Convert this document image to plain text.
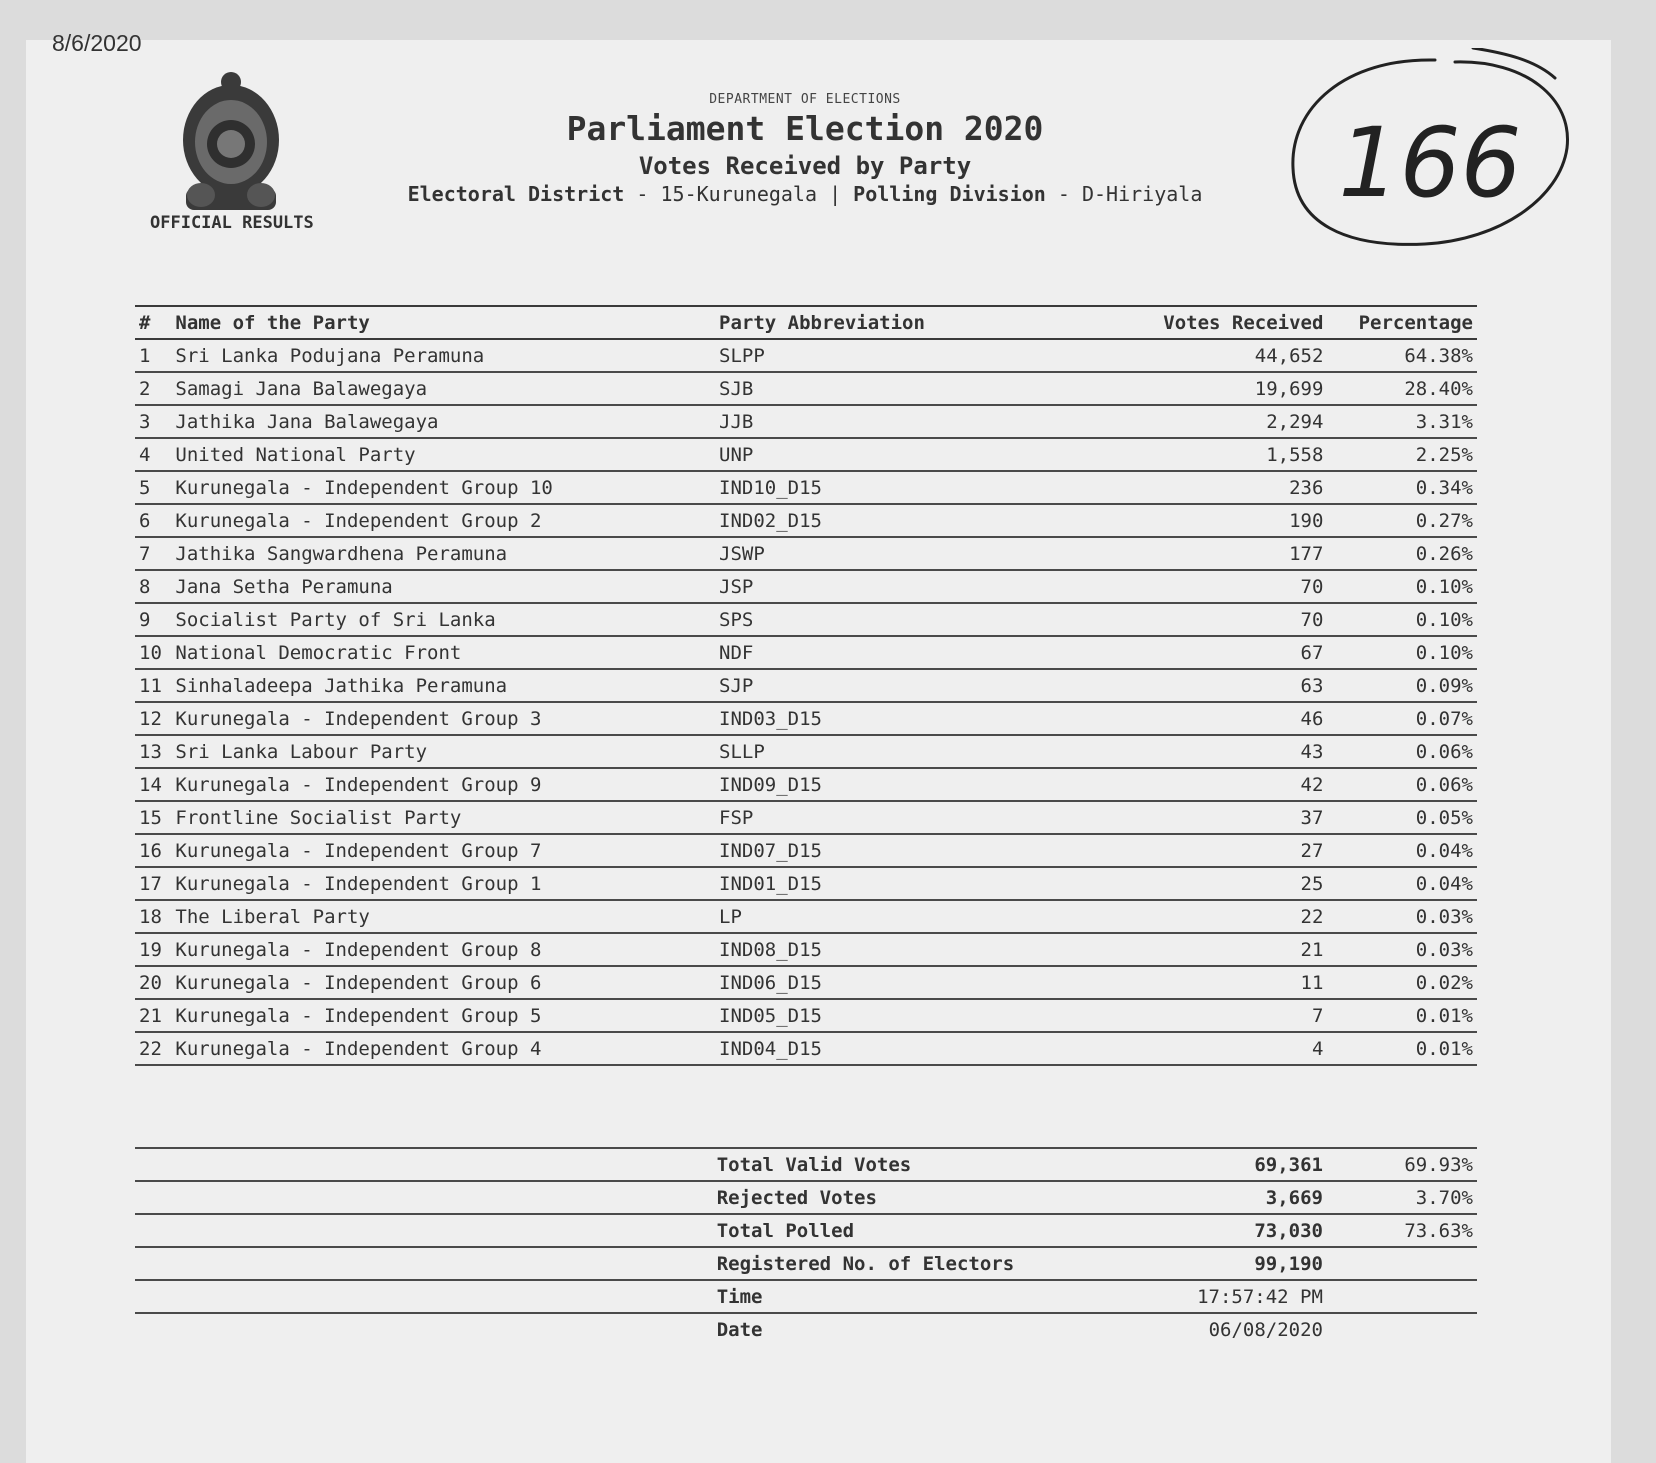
8/6/2020
OFFICIAL RESULTS
DEPARTMENT OF ELECTIONS
Parliament Election 2020
Votes Received by Party
Electoral District - 15-Kurunegala | Polling Division - D-Hiriyala 166
#	Name of the Party	Party Abbreviation	Votes Received	Percentage
1	Sri Lanka Podujana Peramuna	SLPP	44,652	64.38%
2	Samagi Jana Balawegaya	SJB	19,699	28.40%
3	Jathika Jana Balawegaya	JJB	2,294	3.31%
4	United National Party	UNP	1,558	2.25%
5	Kurunegala - Independent Group 10	IND10_D15	236	0.34%
6	Kurunegala - Independent Group 2	IND02_D15	190	0.27%
7	Jathika Sangwardhena Peramuna	JSWP	177	0.26%
8	Jana Setha Peramuna	JSP	70	0.10%
9	Socialist Party of Sri Lanka	SPS	70	0.10%
10	National Democratic Front	NDF	67	0.10%
11	Sinhaladeepa Jathika Peramuna	SJP	63	0.09%
12	Kurunegala - Independent Group 3	IND03_D15	46	0.07%
13	Sri Lanka Labour Party	SLLP	43	0.06%
14	Kurunegala - Independent Group 9	IND09_D15	42	0.06%
15	Frontline Socialist Party	FSP	37	0.05%
16	Kurunegala - Independent Group 7	IND07_D15	27	0.04%
17	Kurunegala - Independent Group 1	IND01_D15	25	0.04%
18	The Liberal Party	LP	22	0.03%
19	Kurunegala - Independent Group 8	IND08_D15	21	0.03%
20	Kurunegala - Independent Group 6	IND06_D15	11	0.02%
21	Kurunegala - Independent Group 5	IND05_D15	7	0.01%
22	Kurunegala - Independent Group 4	IND04_D15	4	0.01%
	Total Valid Votes	69,361	69.93%
	Rejected Votes	3,669	3.70%
	Total Polled	73,030	73.63%
	Registered No. of Electors	99,190	
	Time	17:57:42 PM	
	Date	06/08/2020	
